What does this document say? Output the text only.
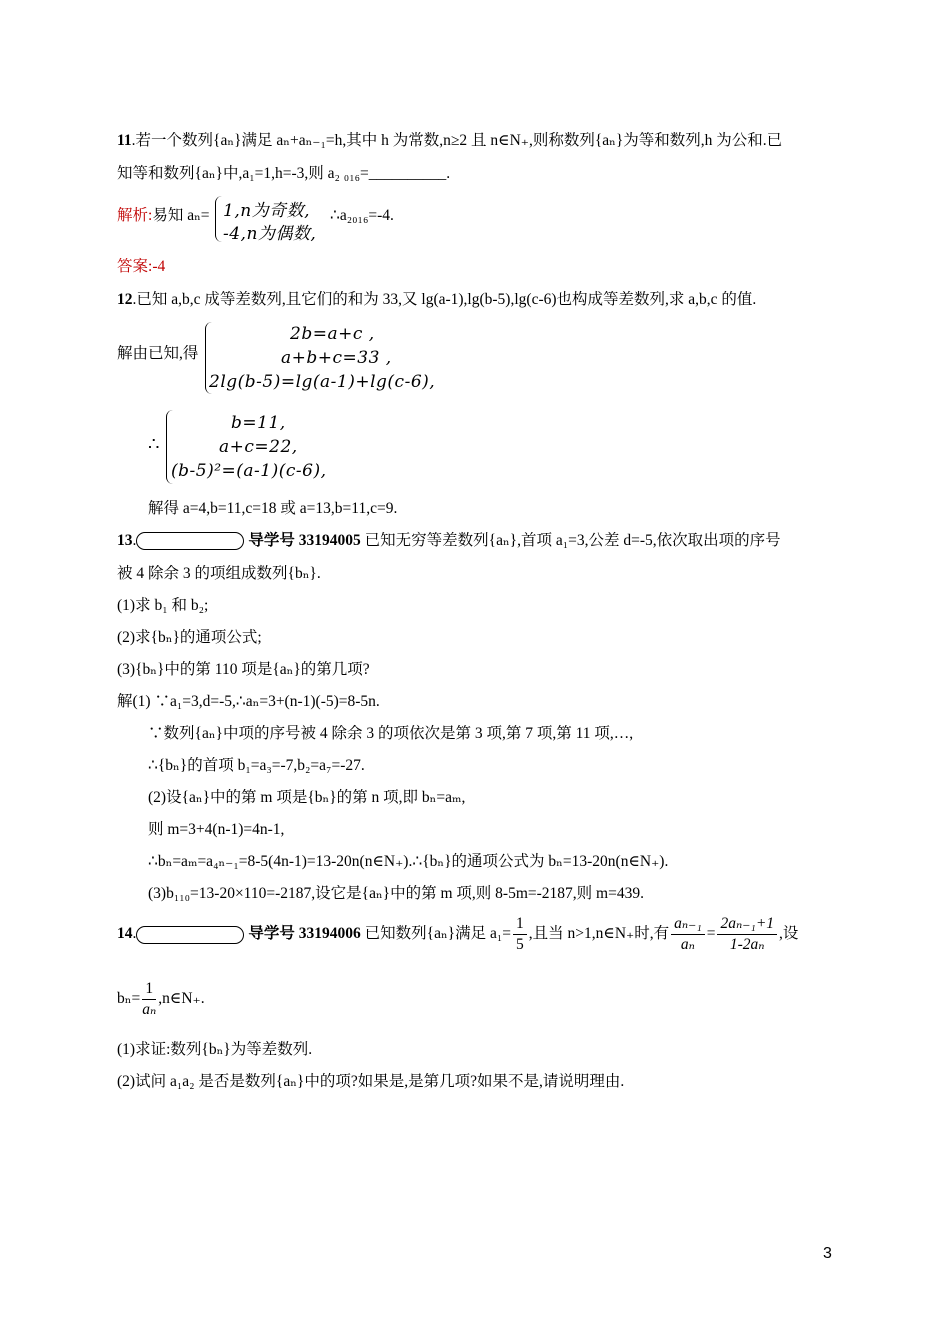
11.若一个数列{aₙ}满足 aₙ+aₙ₋₁=h,其中 h 为常数,n≥2 且 n∈N₊,则称数列{aₙ}为等和数列,h 为公和.已
知等和数列{aₙ}中,a₁=1,h=-3,则 a₂ ₀₁₆=__________.
解析:易知 aₙ= 1,n为奇数,
-4,n为偶数,
∴a₂₀₁₆=-4.
答案:-4
12.已知 a,b,c 成等差数列,且它们的和为 33,又 lg(a-1),lg(b-5),lg(c-6)也构成等差数列,求 a,b,c 的值.
解由已知,得
2b=a+c ,
a+b+c=33 ,
2lg(b-5)=lg(a-1)+lg(c-6),
∴
b=11,
a+c=22,
(b-5)²=(a-1)(c-6),
解得 a=4,b=11,c=18 或 a=13,b=11,c=9.
13.	导学号 33194005 已知无穷等差数列{aₙ},首项 a₁=3,公差 d=-5,依次取出项的序号
被 4 除余 3 的项组成数列{bₙ}.
(1)求 b₁ 和 b₂;
(2)求{bₙ}的通项公式;
(3){bₙ}中的第 110 项是{aₙ}的第几项?
解(1) ∵a₁=3,d=-5,∴aₙ=3+(n-1)(-5)=8-5n.
∵数列{aₙ}中项的序号被 4 除余 3 的项依次是第 3 项,第 7 项,第 11 项,…,
∴{bₙ}的首项 b₁=a₃=-7,b₂=a₇=-27.
(2)设{aₙ}中的第 m 项是{bₙ}的第 n 项,即 bₙ=aₘ,
则 m=3+4(n-1)=4n-1,
∴bₙ=aₘ=a₄ₙ₋₁=8-5(4n-1)=13-20n(n∈N₊).∴{bₙ}的通项公式为 bₙ=13-20n(n∈N₊).
(3)b₁₁₀=13-20×110=-2187,设它是{aₙ}中的第 m 项,则 8-5m=-2187,则 m=439.
14.	导学号 33194006 已知数列{aₙ}满足 $a_1= \frac{1}{5}$ ,且当 n>1,n∈N₊时,有 $\frac{\text{aₙ₋₁}}{\text{aₙ}} = \frac{\text{2aₙ₋₁+1}}{\text{1-2aₙ}}$ ,设
$b_n= \frac{1}{\text{aₙ}}$ ,n∈N₊.
(1)求证:数列{bₙ}为等差数列.
(2)试问 a₁a₂ 是否是数列{aₙ}中的项?如果是,是第几项?如果不是,请说明理由.
3
